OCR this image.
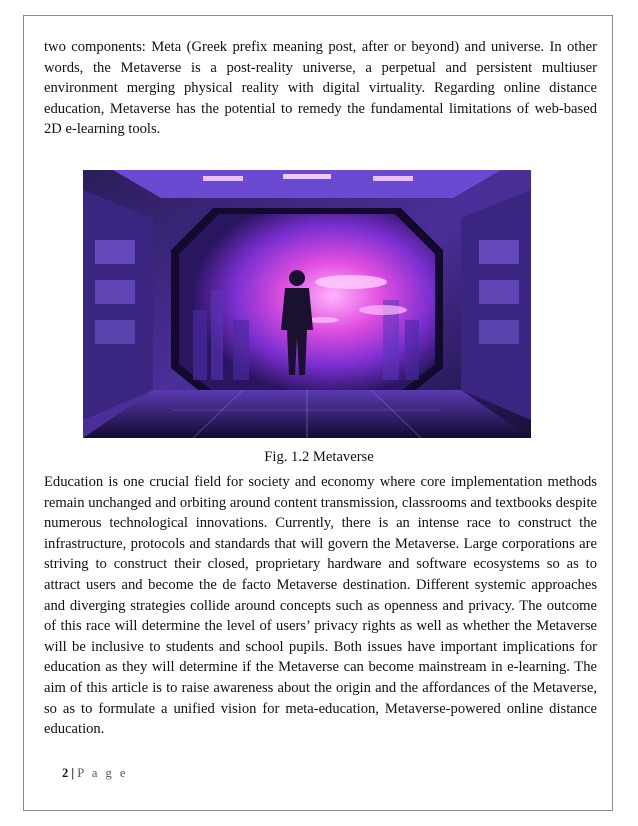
two components: Meta (Greek prefix meaning post, after or beyond) and universe. In other words, the Metaverse is a post-reality universe, a perpetual and persistent multiuser environment merging physical reality with digital virtuality. Regarding online distance education, Metaverse has the potential to remedy the fundamental limitations of web-based 2D e-learning tools.

Fig. 1.2 Metaverse

Education is one crucial field for society and economy where core implementation methods remain unchanged and orbiting around content transmission, classrooms and textbooks despite numerous technological innovations. Currently, there is an intense race to construct the infrastructure, protocols and standards that will govern the Metaverse. Large corporations are striving to construct their closed, proprietary hardware and software ecosystems so as to attract users and become the de facto Metaverse destination. Different systemic approaches and diverging strategies collide around concepts such as openness and privacy. The outcome of this race will determine the level of users’ privacy rights as well as whether the Metaverse will be inclusive to students and school pupils. Both issues have important implications for education as they will determine if the Metaverse can become mainstream in e-learning. The aim of this article is to raise awareness about the origin and the affordances of the Metaverse, so as to formulate a unified vision for meta-education, Metaverse-powered online distance education.

2 | P a g e
